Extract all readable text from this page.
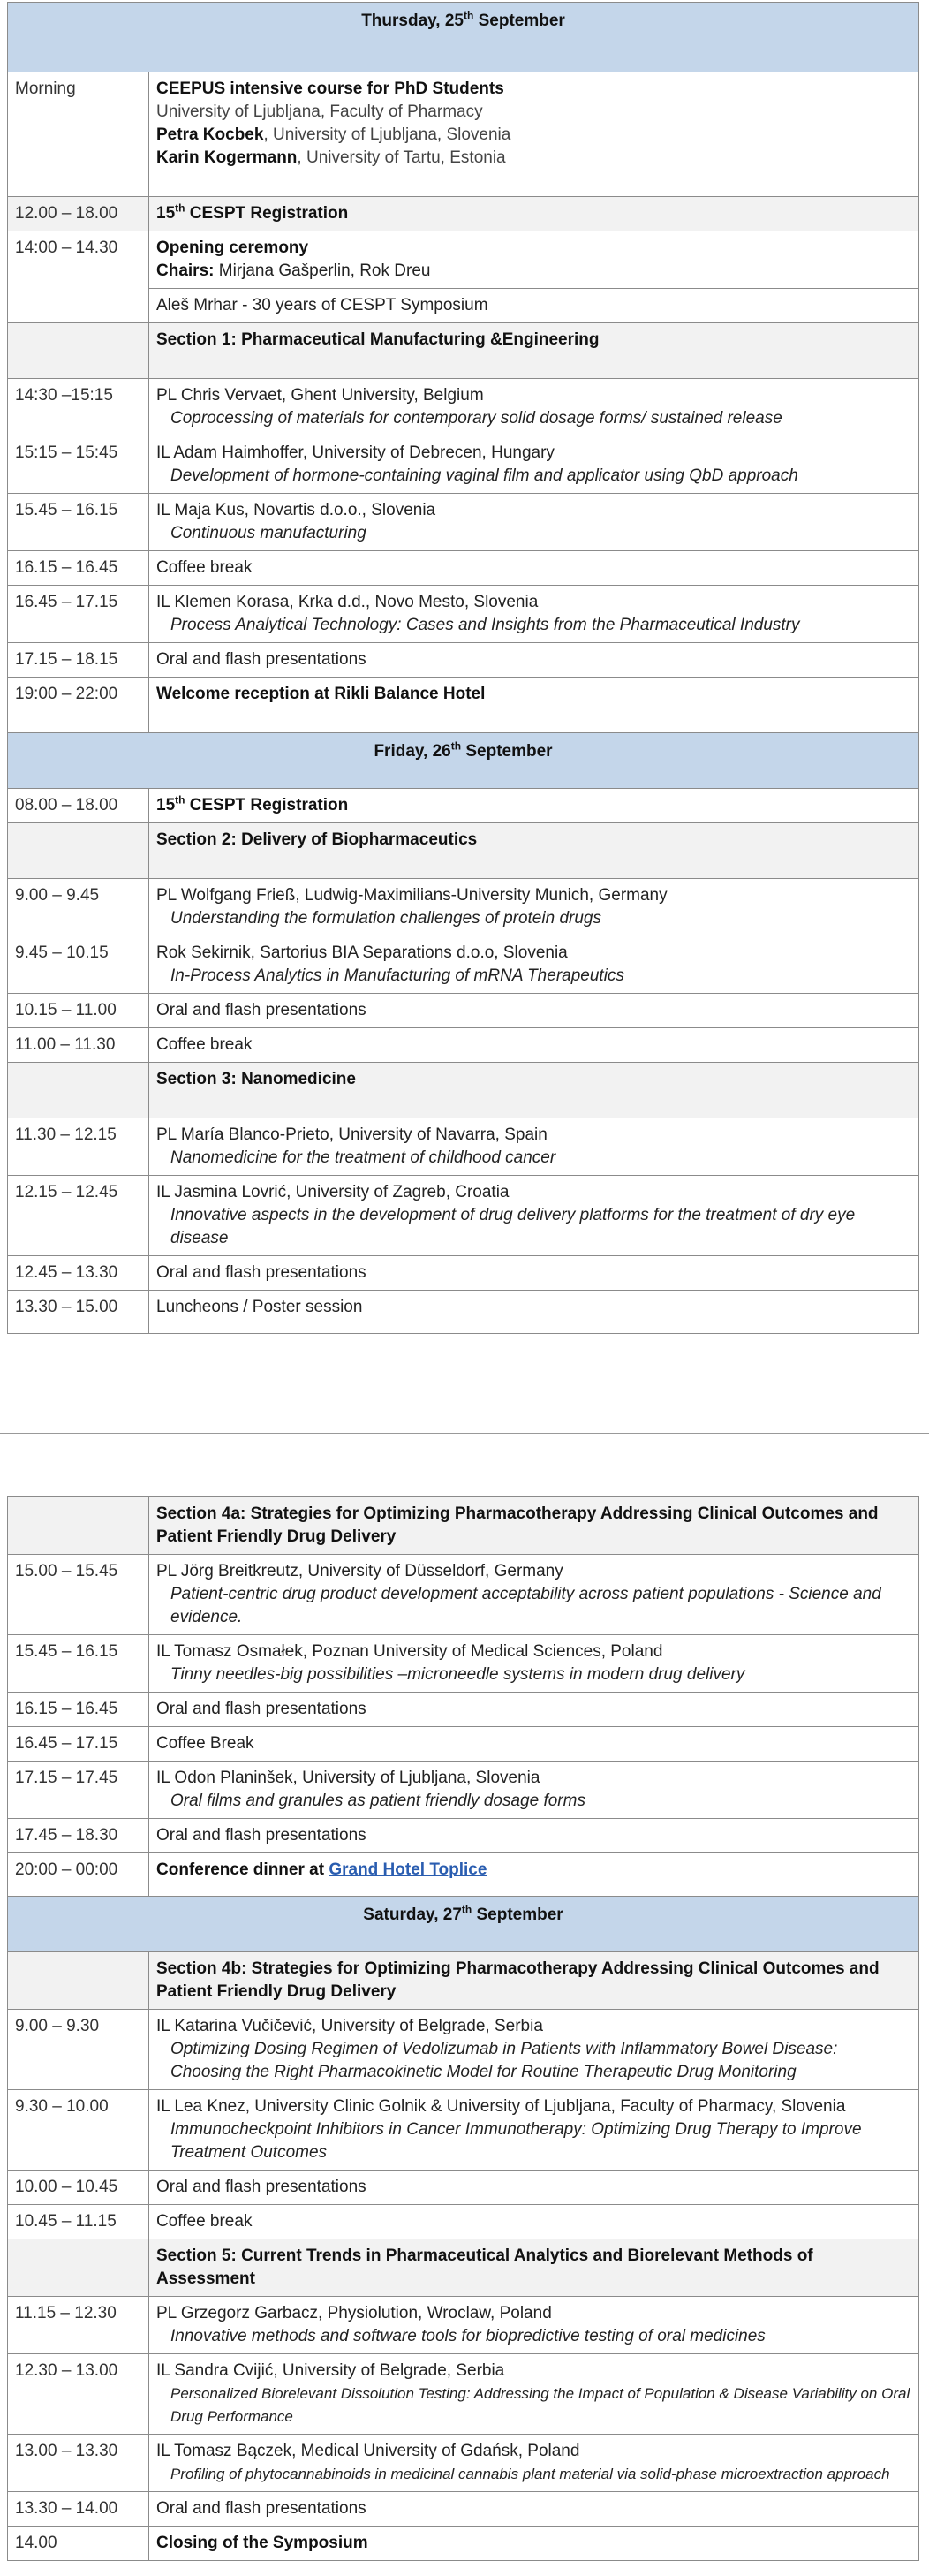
Thursday, 25th September	
Morning	CEEPUS intensive course for PhD Students
University of Ljubljana, Faculty of Pharmacy
Petra Kocbek, University of Ljubljana, Slovenia
Karin Kogermann, University of Tartu, Estonia

12.00 – 18.00	15th CESPT Registration
14:00 – 14.30	Opening ceremony
Chairs: Mirjana Gašperlin, Rok Dreu

	Aleš Mrhar - 30 years of CESPT Symposium
	Section 1: Pharmaceutical Manufacturing &Engineering
14:30 –15:15	PL Chris Vervaet, Ghent University, Belgium
Coprocessing of materials for contemporary solid dosage forms/ sustained release

15:15 – 15:45	IL Adam Haimhoffer, University of Debrecen, Hungary
Development of hormone-containing vaginal film and applicator using QbD approach

15.45 – 16.15	IL Maja Kus, Novartis d.o.o., Slovenia
Continuous manufacturing

16.15 – 16.45	Coffee break
16.45 – 17.15	IL Klemen Korasa, Krka d.d., Novo Mesto, Slovenia
Process Analytical Technology: Cases and Insights from the Pharmaceutical Industry

17.15 – 18.15	Oral and flash presentations
19:00 – 22:00	Welcome reception at Rikli Balance Hotel
Friday, 26th September	
08.00 – 18.00	15th CESPT Registration
	Section 2: Delivery of Biopharmaceutics
9.00 – 9.45	PL Wolfgang Frieß, Ludwig-Maximilians-University Munich, Germany
Understanding the formulation challenges of protein drugs

9.45 – 10.15	Rok Sekirnik, Sartorius BIA Separations d.o.o, Slovenia
In-Process Analytics in Manufacturing of mRNA Therapeutics

10.15 – 11.00	Oral and flash presentations
11.00 – 11.30	Coffee break
	Section 3: Nanomedicine
11.30 – 12.15	PL María Blanco-Prieto, University of Navarra, Spain
Nanomedicine for the treatment of childhood cancer

12.15 – 12.45	IL Jasmina Lovrić, University of Zagreb, Croatia
Innovative aspects in the development of drug delivery platforms for the treatment of dry eye disease

12.45 – 13.30	Oral and flash presentations
13.30 – 15.00	Luncheons / Poster session
	Section 4a: Strategies for Optimizing Pharmacotherapy Addressing Clinical Outcomes and Patient Friendly Drug Delivery
15.00 – 15.45	PL Jörg Breitkreutz, University of Düsseldorf, Germany
Patient-centric drug product development acceptability across patient populations - Science and evidence.

15.45 – 16.15	IL Tomasz Osmałek, Poznan University of Medical Sciences, Poland
Tinny needles-big possibilities –microneedle systems in modern drug delivery

16.15 – 16.45	Oral and flash presentations
16.45 – 17.15	Coffee Break
17.15 – 17.45	IL Odon Planinšek, University of Ljubljana, Slovenia
Oral films and granules as patient friendly dosage forms

17.45 – 18.30	Oral and flash presentations
20:00 – 00:00	Conference dinner at Grand Hotel Toplice
Saturday, 27th September	
	Section 4b: Strategies for Optimizing Pharmacotherapy Addressing Clinical Outcomes and Patient Friendly Drug Delivery
9.00 – 9.30	IL Katarina Vučičević, University of Belgrade, Serbia
Optimizing Dosing Regimen of Vedolizumab in Patients with Inflammatory Bowel Disease: Choosing the Right Pharmacokinetic Model for Routine Therapeutic Drug Monitoring

9.30 – 10.00	IL Lea Knez, University Clinic Golnik & University of Ljubljana, Faculty of Pharmacy, Slovenia
Immunocheckpoint Inhibitors in Cancer Immunotherapy: Optimizing Drug Therapy to Improve Treatment Outcomes

10.00 – 10.45	Oral and flash presentations
10.45 – 11.15	Coffee break
	Section 5: Current Trends in Pharmaceutical Analytics and Biorelevant Methods of Assessment
11.15 – 12.30	PL Grzegorz Garbacz, Physiolution, Wroclaw, Poland
Innovative methods and software tools for biopredictive testing of oral medicines

12.30 – 13.00	IL Sandra Cvijić, University of Belgrade, Serbia
Personalized Biorelevant Dissolution Testing: Addressing the Impact of Population & Disease Variability on Oral Drug Performance

13.00 – 13.30	IL Tomasz Bączek, Medical University of Gdańsk, Poland
Profiling of phytocannabinoids in medicinal cannabis plant material via solid-phase microextraction approach

13.30 – 14.00	Oral and flash presentations
14.00	Closing of the Symposium
